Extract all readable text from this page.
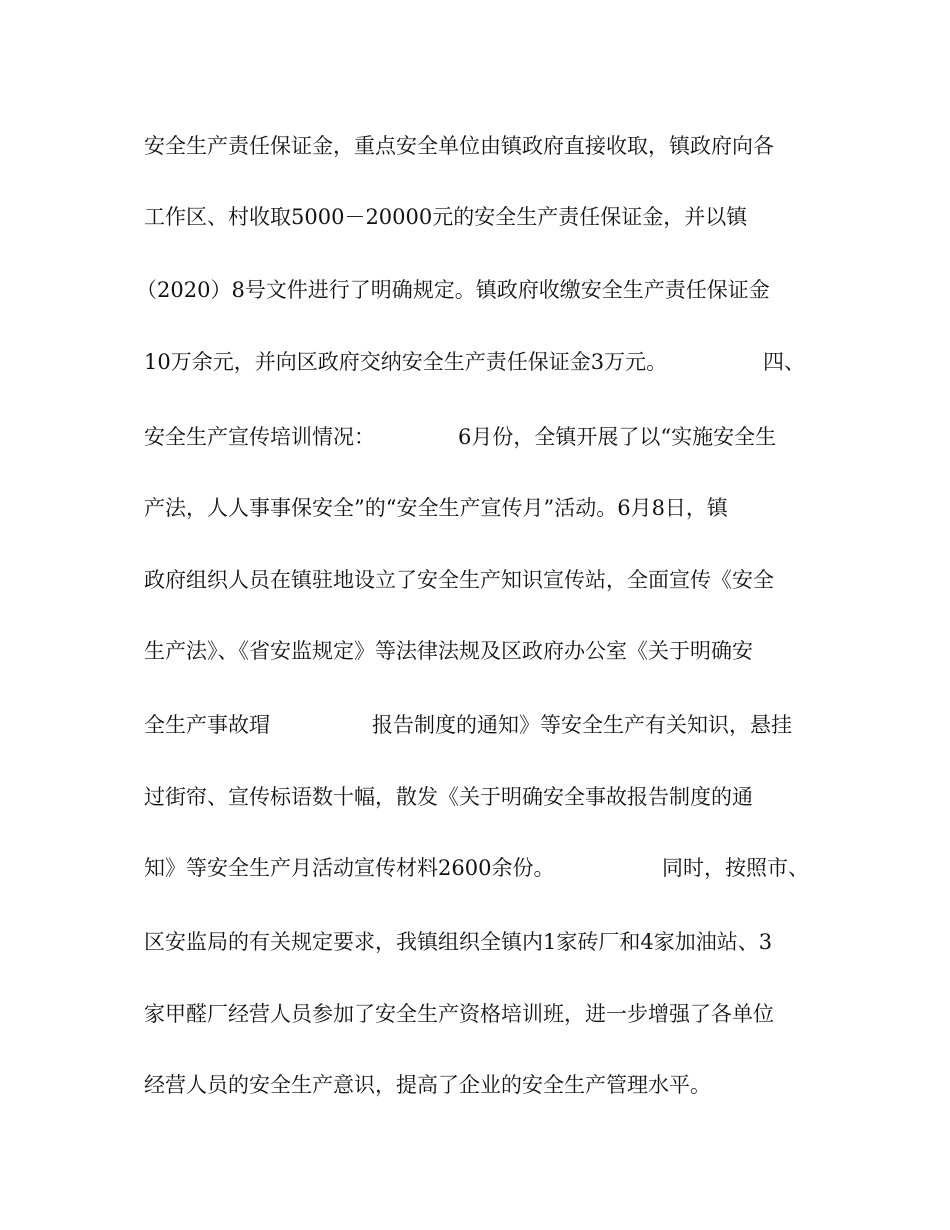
安全生产责任保证金，重点安全单位由镇政府直接收取，镇政府向各

工作区、村收取5000－20000元的安全生产责任保证金，并以镇

（2020）8号文件进行了明确规定。镇政府收缴安全生产责任保证金

10万余元，并向区政府交纳安全生产责任保证金3万元。

	四、

安全生产宣传培训情况：

	6月份，全镇开展了以“实施安全生

产法，人人事事保安全”的“安全生产宣传月”活动。6月8日，镇

政府组织人员在镇驻地设立了安全生产知识宣传站，全面宣传《安全

生产法》、《省安监规定》等法律法规及区政府办公室《关于明确安

全生产事故瑁

	报告制度的通知》等安全生产有关知识，悬挂

过街帘、宣传标语数十幅，散发《关于明确安全事故报告制度的通

知》等安全生产月活动宣传材料2600余份。

	同时，按照市、

区安监局的有关规定要求，我镇组织全镇内1家砖厂和4家加油站、3

家甲醛厂经营人员参加了安全生产资格培训班，进一步增强了各单位

经营人员的安全生产意识，提高了企业的安全生产管理水平。
